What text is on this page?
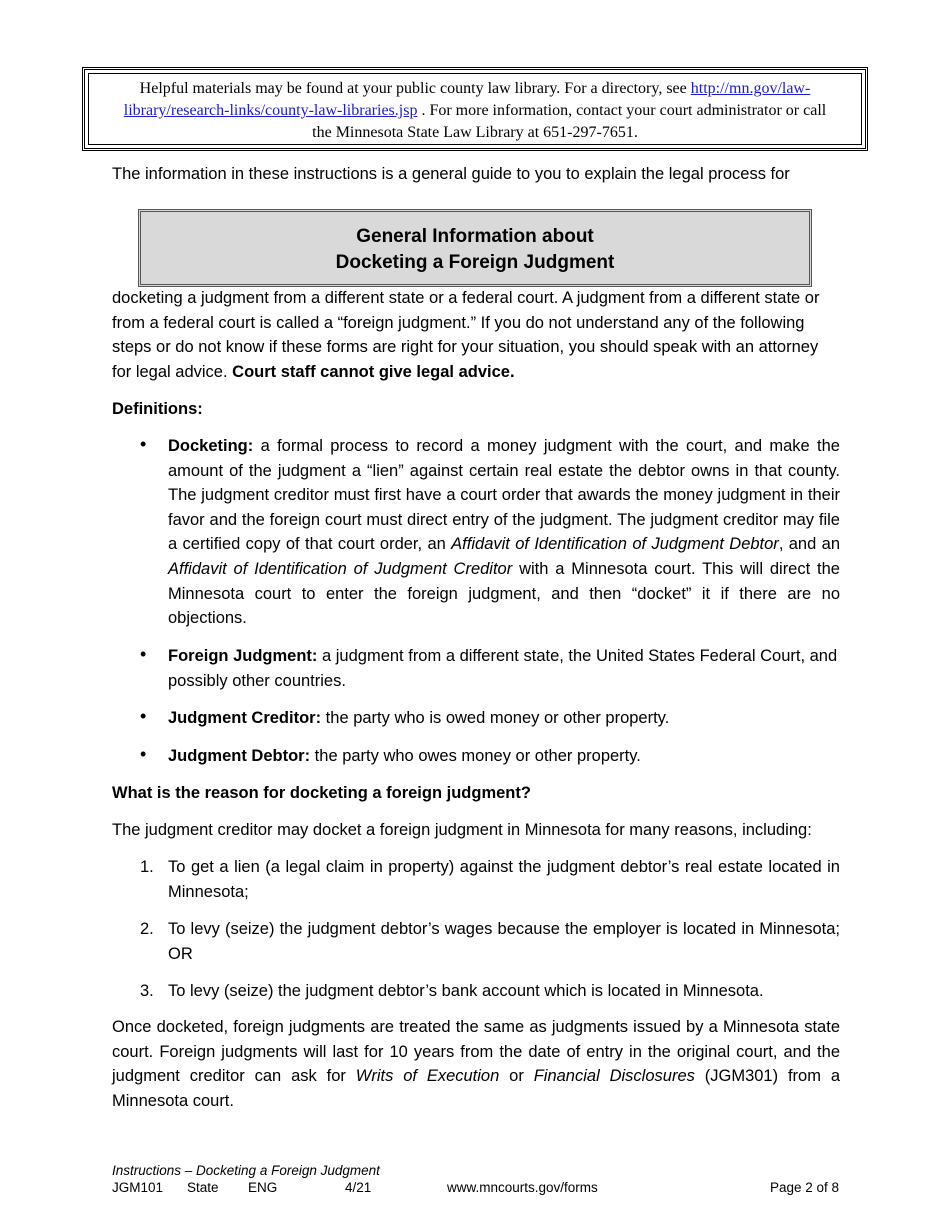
Helpful materials may be found at your public county law library. For a directory, see http://mn.gov/law-
library/research-links/county-law-libraries.jsp . For more information, contact your court administrator or call
the Minnesota State Law Library at 651-297-7651.
The information in these instructions is a general guide to you to explain the legal process for
General Information about
Docketing a Foreign Judgment
docketing a judgment from a different state or a federal court. A judgment from a different state or from a federal court is called a “foreign judgment.” If you do not understand any of the following steps or do not know if these forms are right for your situation, you should speak with an attorney for legal advice. Court staff cannot give legal advice.
Definitions:
• Docketing: a formal process to record a money judgment with the court, and make the amount of the judgment a “lien” against certain real estate the debtor owns in that county. The judgment creditor must first have a court order that awards the money judgment in their favor and the foreign court must direct entry of the judgment. The judgment creditor may file a certified copy of that court order, an Affidavit of Identification of Judgment Debtor, and an Affidavit of Identification of Judgment Creditor with a Minnesota court. This will direct the Minnesota court to enter the foreign judgment, and then “docket” it if there are no objections.
• Foreign Judgment: a judgment from a different state, the United States Federal Court, and possibly other countries.
• Judgment Creditor: the party who is owed money or other property.
• Judgment Debtor: the party who owes money or other property.
What is the reason for docketing a foreign judgment?
The judgment creditor may docket a foreign judgment in Minnesota for many reasons, including:
1. To get a lien (a legal claim in property) against the judgment debtor’s real estate located in Minnesota;
2. To levy (seize) the judgment debtor’s wages because the employer is located in Minnesota; OR
3. To levy (seize) the judgment debtor’s bank account which is located in Minnesota.
Once docketed, foreign judgments are treated the same as judgments issued by a Minnesota state court. Foreign judgments will last for 10 years from the date of entry in the original court, and the judgment creditor can ask for Writs of Execution or Financial Disclosures (JGM301) from a Minnesota court.
Instructions – Docketing a Foreign Judgment
JGM101 State ENG	4/21	www.mncourts.gov/forms	Page 2 of 8
